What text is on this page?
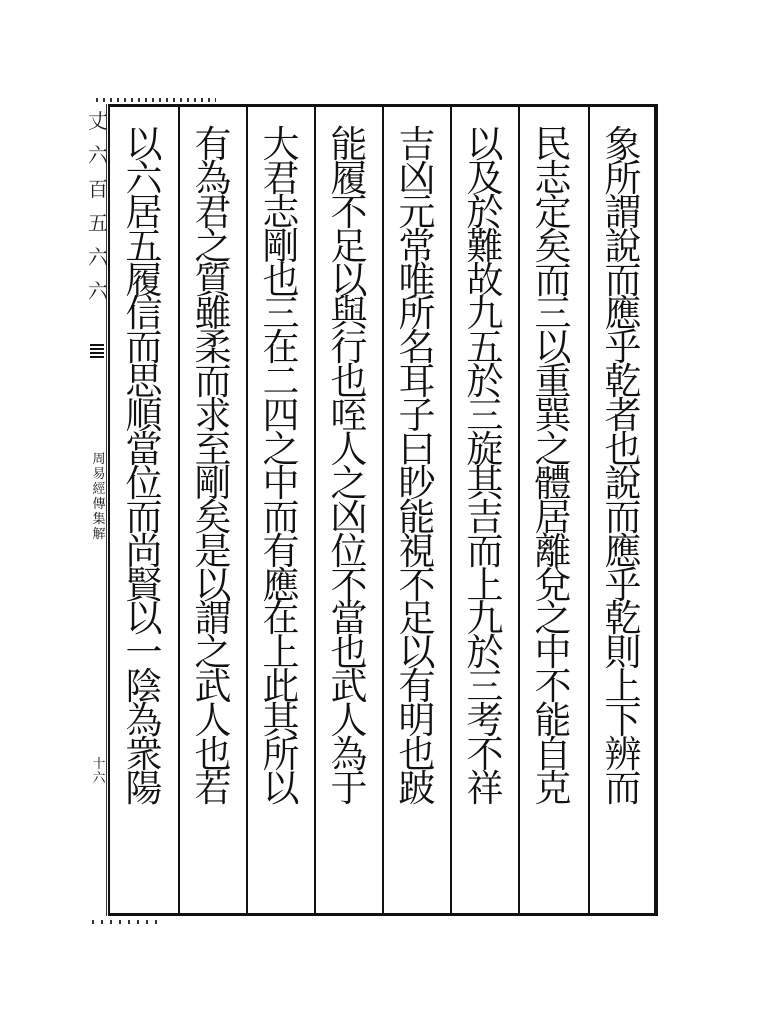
象
所
謂
說
而
應
乎
乾
者
也
說
而
應
乎
乾
則
上
下
辨
而
民
志
定
矣
而
三
以
重
巽
之
體
居
離
兌
之
中
不
能
自
克
以
及
於
難
故
九
五
於
三
旋
其
吉
而
上
九
於
三
考
不
祥
吉
凶
元
常
唯
所
名
耳
子
曰
眇
能
視
不
足
以
有
明
也
跛
能
履
不
足
以
與
行
也
咥
人
之
凶
位
不
當
也
武
人
為
于
大
君
志
剛
也
三
在
二
四
之
中
而
有
應
在
上
此
其
所
以
有
為
君
之
質
雖
柔
而
求
至
剛
矣
是
以
謂
之
武
人
也
若
以
六
居
五
履
信
而
思
順
當
位
而
尚
賢
以
一
陰
為
衆
陽
丈
六
百
五
六
六
周
易
經
傳
集
解
十
六
